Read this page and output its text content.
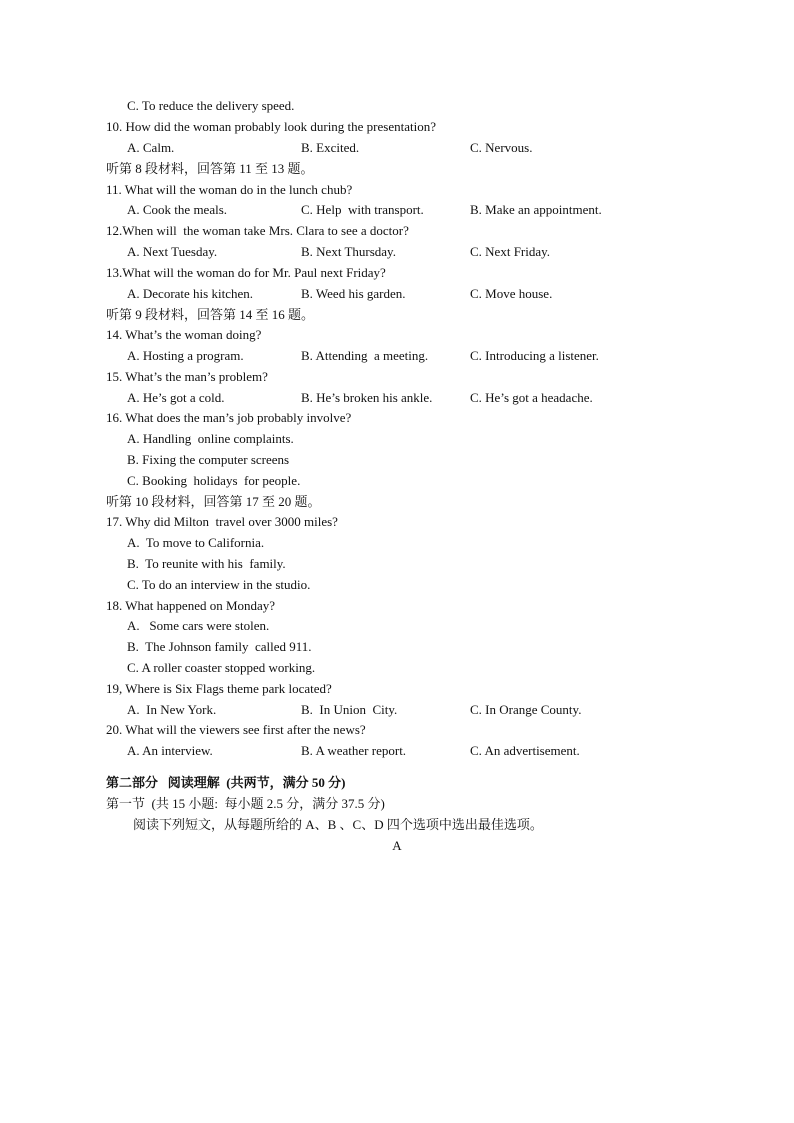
C. To reduce the delivery speed.
10. How did the woman probably look during the presentation?
A. Calm.	B. Excited.	C. Nervous.
听第 8 段材料，回答第 11 至 13 题。
11. What will the woman do in the lunch chub?
A. Cook the meals.	C. Help  with transport.	B. Make an appointment.
12.When will  the woman take Mrs. Clara to see a doctor?
A. Next Tuesday.	B. Next Thursday.	C. Next Friday.
13.What will the woman do for Mr. Paul next Friday?
A. Decorate his kitchen.	B. Weed his garden.	C. Move house.
听第 9 段材料，回答第 14 至 16 题。
14. What’s the woman doing?
A. Hosting a program.	B. Attending  a meeting.	C. Introducing a listener.
15. What’s the man’s problem?
A. He’s got a cold.	B. He’s broken his ankle.	C. He’s got a headache.
16. What does the man’s job probably involve?
A. Handling  online complaints.
B. Fixing the computer screens
C. Booking  holidays  for people.
听第 10 段材料，回答第 17 至 20 题。
17. Why did Milton  travel over 3000 miles?
A.  To move to California.
B.  To reunite with his  family.
C. To do an interview in the studio.
18. What happened on Monday?
A.   Some cars were stolen.
B.  The Johnson family  called 911.
C. A roller coaster stopped working.
19, Where is Six Flags theme park located?
A.  In New York.	B.  In Union  City.	C. In Orange County.
20. What will the viewers see first after the news?
A. An interview.	B. A weather report.	C. An advertisement.
第二部分   阅读理解  (共两节，满分 50 分)
第一节  (共 15 小题:  每小题 2.5 分，满分 37.5 分)
阅读下列短文，从每题所给的 A、B 、C、D 四个选项中选出最佳选项。
A
